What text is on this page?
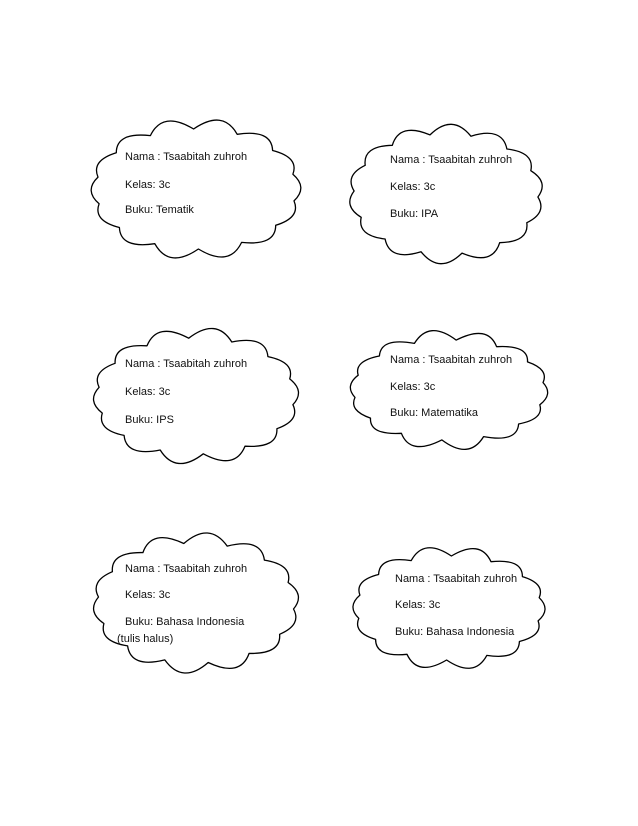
Nama : Tsaabitah zuhroh
Kelas: 3c
Buku: Tematik
Nama : Tsaabitah zuhroh
Kelas: 3c
Buku: IPA
Nama : Tsaabitah zuhroh
Kelas: 3c
Buku: IPS
Nama : Tsaabitah zuhroh
Kelas: 3c
Buku: Matematika
Nama : Tsaabitah zuhroh
Kelas: 3c
Buku: Bahasa Indonesia
(tulis halus)
Nama : Tsaabitah zuhroh
Kelas: 3c
Buku: Bahasa Indonesia
